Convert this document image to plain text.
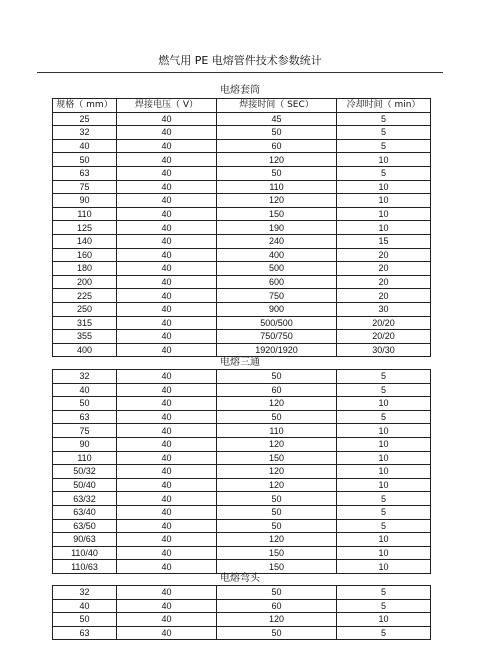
燃气用 PE 电熔管件技术参数统计
电熔套筒
规格（ mm）	焊接电压（ V）	焊接时间（ SEC）	冷却时间（ min）
25	40	45	5
32	40	50	5
40	40	60	5
50	40	120	10
63	40	50	5
75	40	110	10
90	40	120	10
110	40	150	10
125	40	190	10
140	40	240	15
160	40	400	20
180	40	500	20
200	40	600	20
225	40	750	20
250	40	900	30
315	40	500/500	20/20
355	40	750/750	20/20
400	40	1920/1920	30/30
电熔三通
32	40	50	5
40	40	60	5
50	40	120	10
63	40	50	5
75	40	110	10
90	40	120	10
110	40	150	10
50/32	40	120	10
50/40	40	120	10
63/32	40	50	5
63/40	40	50	5
63/50	40	50	5
90/63	40	120	10
110/40	40	150	10
110/63	40	150	10
电熔弯头
32	40	50	5
40	40	60	5
50	40	120	10
63	40	50	5
